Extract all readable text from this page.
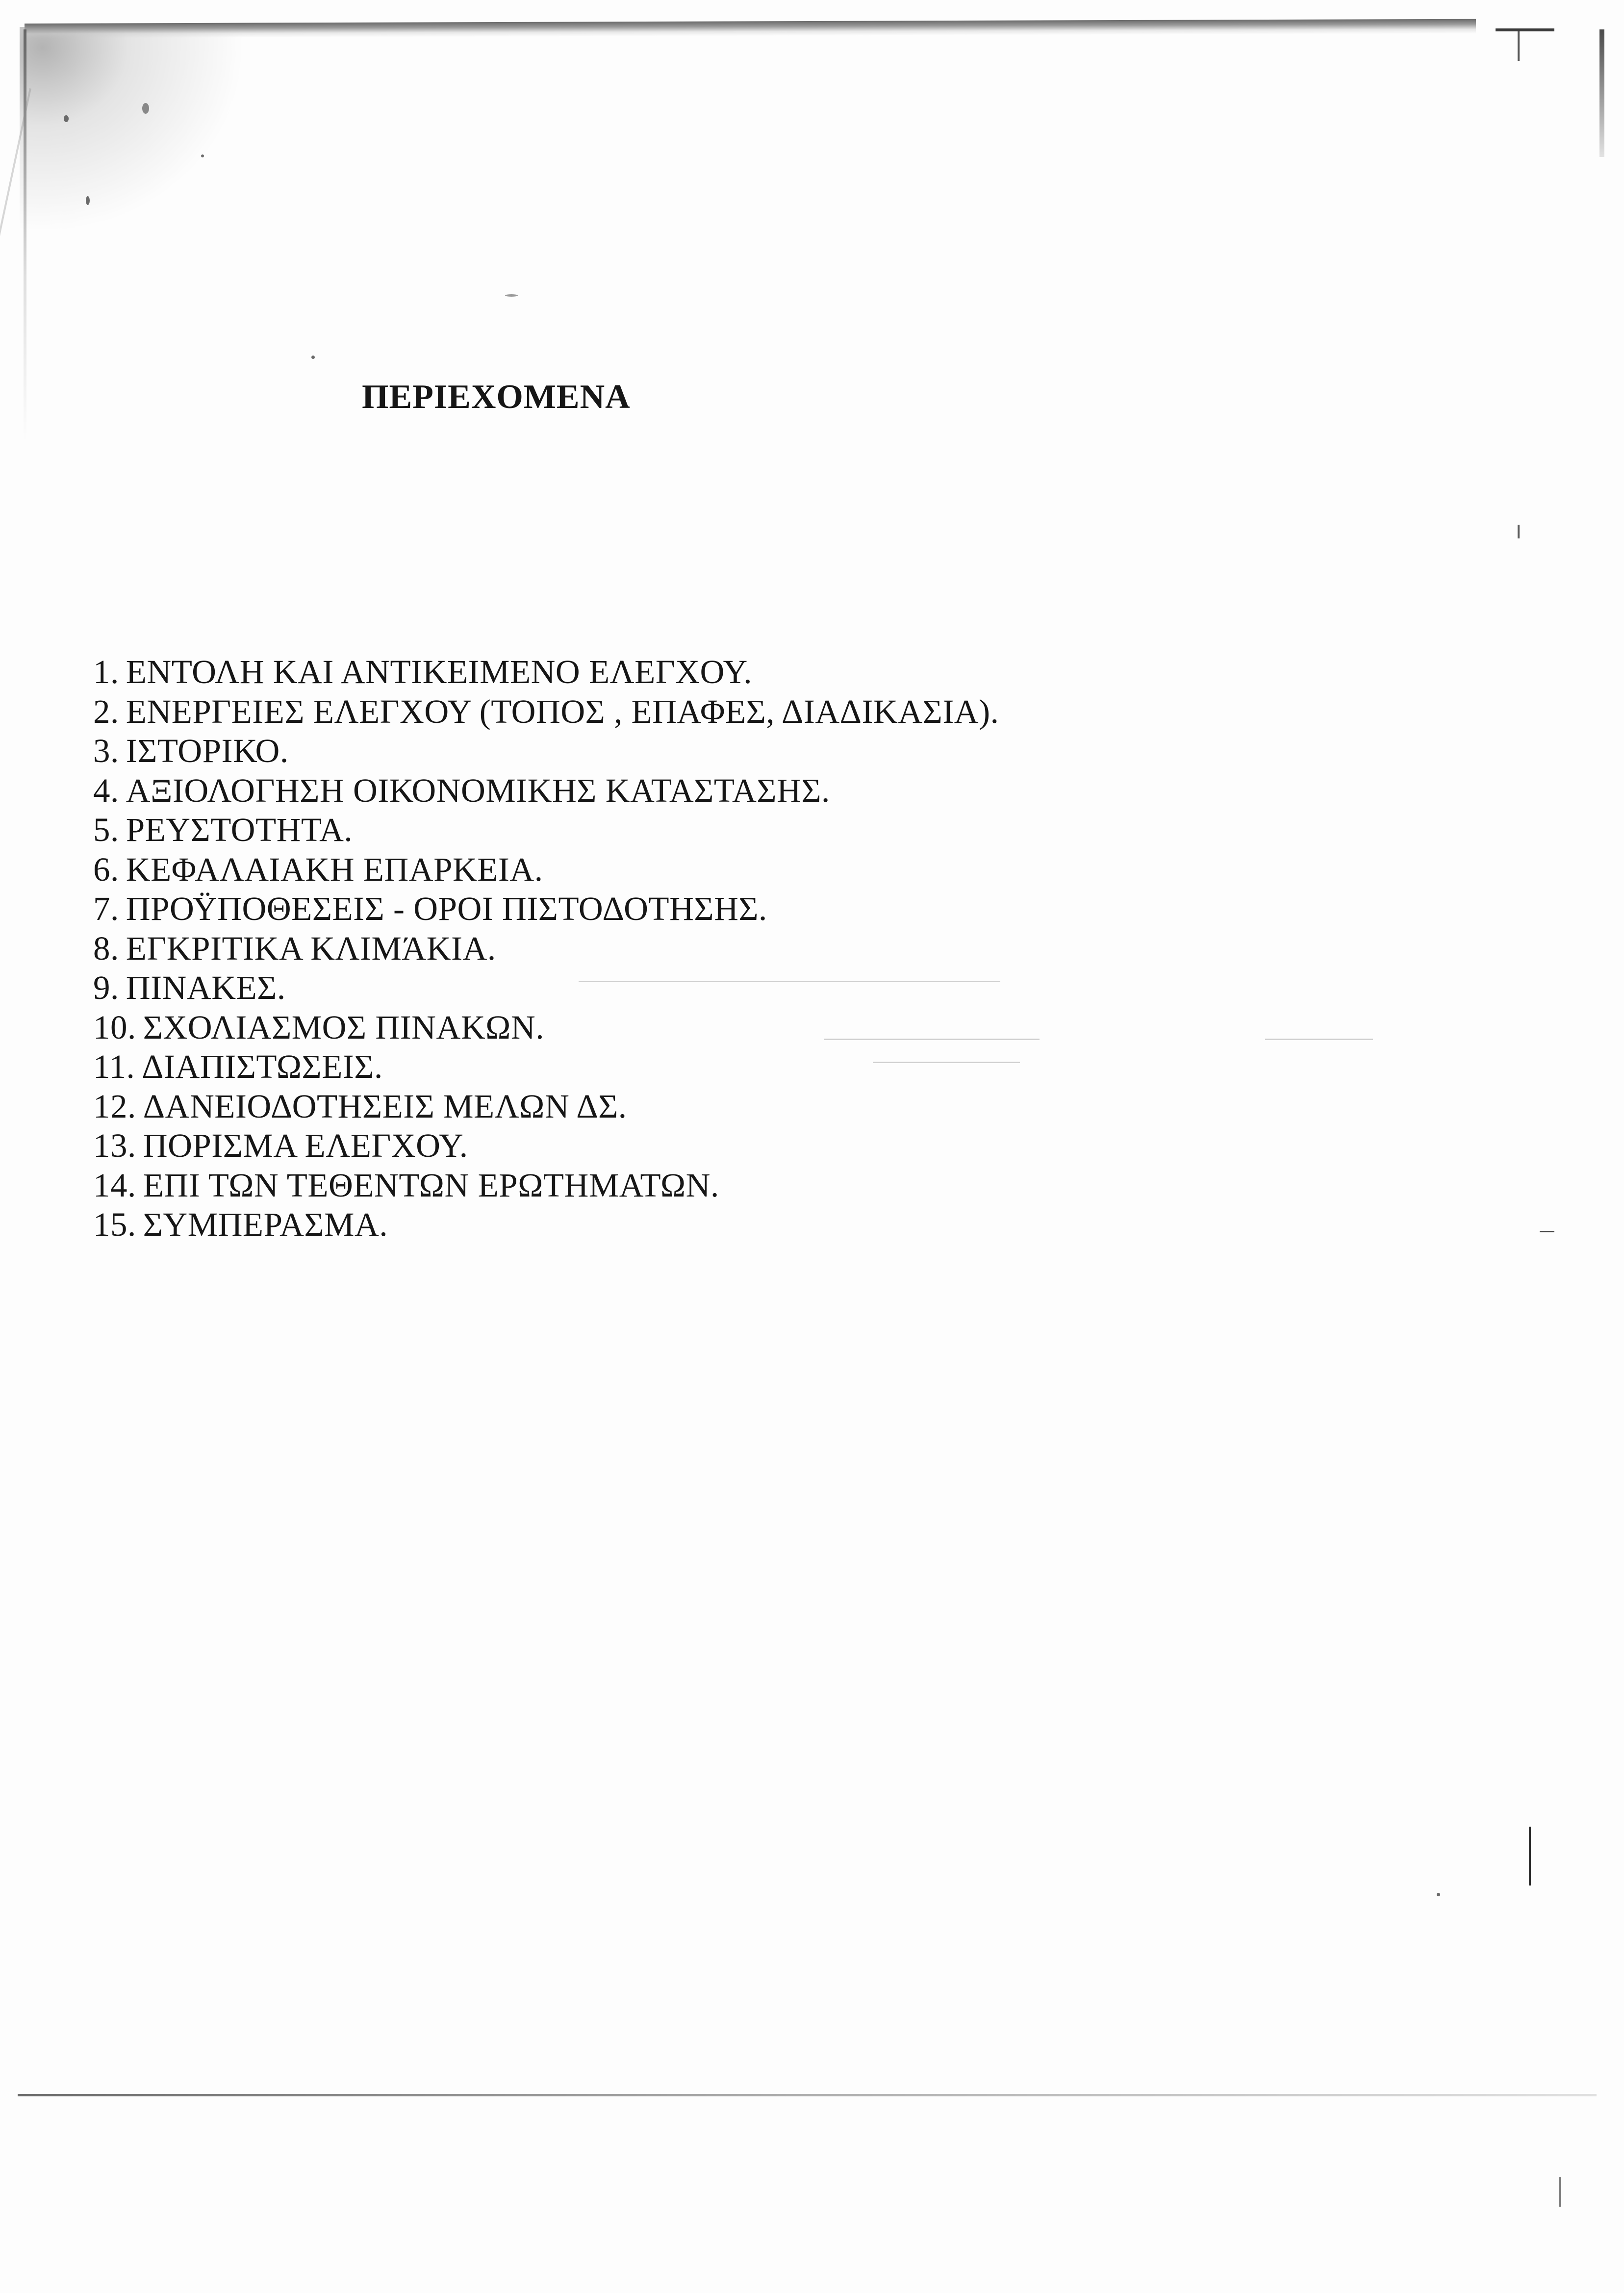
ΠΕΡΙΕΧΟΜΕΝΑ
1. ΕΝΤΟΛΗ ΚΑΙ ΑΝΤΙΚΕΙΜΕΝΟ ΕΛΕΓΧΟΥ.
2. ΕΝΕΡΓΕΙΕΣ ΕΛΕΓΧΟΥ (ΤΟΠΟΣ , ΕΠΑΦΕΣ, ΔΙΑΔΙΚΑΣΙΑ).
3. ΙΣΤΟΡΙΚΟ.
4. ΑΞΙΟΛΟΓΗΣΗ ΟΙΚΟΝΟΜΙΚΗΣ ΚΑΤΑΣΤΑΣΗΣ.
5. ΡΕΥΣΤΟΤΗΤΑ.
6. ΚΕΦΑΛΑΙΑΚΗ ΕΠΑΡΚΕΙΑ.
7. ΠΡΟΫΠΟΘΕΣΕΙΣ - ΟΡΟΙ ΠΙΣΤΟΔΟΤΗΣΗΣ.
8. ΕΓΚΡΙΤΙΚΑ ΚΛΙΜΆΚΙΑ.
9. ΠΙΝΑΚΕΣ.
10. ΣΧΟΛΙΑΣΜΟΣ ΠΙΝΑΚΩΝ.
11. ΔΙΑΠΙΣΤΩΣΕΙΣ.
12. ΔΑΝΕΙΟΔΟΤΗΣΕΙΣ ΜΕΛΩΝ ΔΣ.
13. ΠΟΡΙΣΜΑ ΕΛΕΓΧΟΥ.
14. ΕΠΙ ΤΩΝ ΤΕΘΕΝΤΩΝ ΕΡΩΤΗΜΑΤΩΝ.
15. ΣΥΜΠΕΡΑΣΜΑ.
